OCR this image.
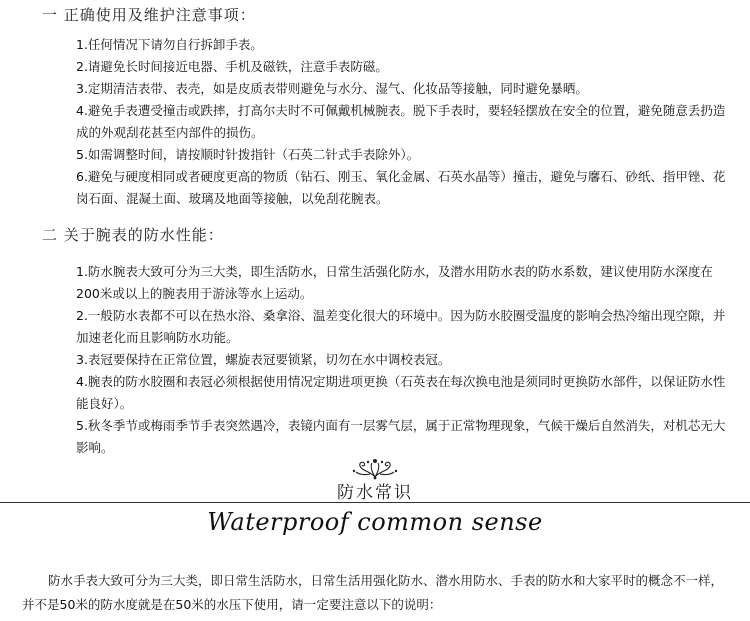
一 正确使用及维护注意事项：
1.任何情况下请勿自行拆卸手表。
2.请避免长时间接近电器、手机及磁铁，注意手表防磁。
3.定期清洁表带、表壳，如是皮质表带则避免与水分、湿气、化妆品等接触，同时避免暴晒。
4.避免手表遭受撞击或跌摔，打高尔夫时不可佩戴机械腕表。脱下手表时，要轻轻摆放在安全的位置，避免随意丢扔造成的外观刮花甚至内部件的损伤。
5.如需调整时间，请按顺时针拨指针（石英二针式手表除外）。
6.避免与硬度相同或者硬度更高的物质（钻石、刚玉、氧化金属、石英水晶等）撞击，避免与黁石、砂纸、指甲锉、花岗石面、混凝土面、玻璃及地面等接触，以免刮花腕表。
二 关于腕表的防水性能：
1.防水腕表大致可分为三大类，即生活防水，日常生活强化防水，及潜水用防水表的防水系数，建议使用防水深度在200米或以上的腕表用于游泳等水上运动。
2.一般防水表都不可以在热水浴、桑拿浴、温差变化很大的环境中。因为防水胶圈受温度的影响会热冷缩出现空隙，并加速老化而且影响防水功能。
3.表冠要保持在正常位置，螺旋表冠要锁紧，切勿在水中调校表冠。
4.腕表的防水胶圈和表冠必须根据使用情况定期进项更换（石英表在每次换电池是须同时更换防水部件，以保证防水性能良好）。
5.秋冬季节或梅雨季节手表突然遇冷，表镜内面有一层雾气层，属于正常物理现象，气候干燥后自然消失，对机芯无大影响。
防水常识
Waterproof common sense

防水手表大致可分为三大类，即日常生活防水，日常生活用强化防水、潜水用防水、手表的防水和大家平时的概念不一样，并不是50米的防水度就是在50米的水压下使用，请一定要注意以下的说明：
